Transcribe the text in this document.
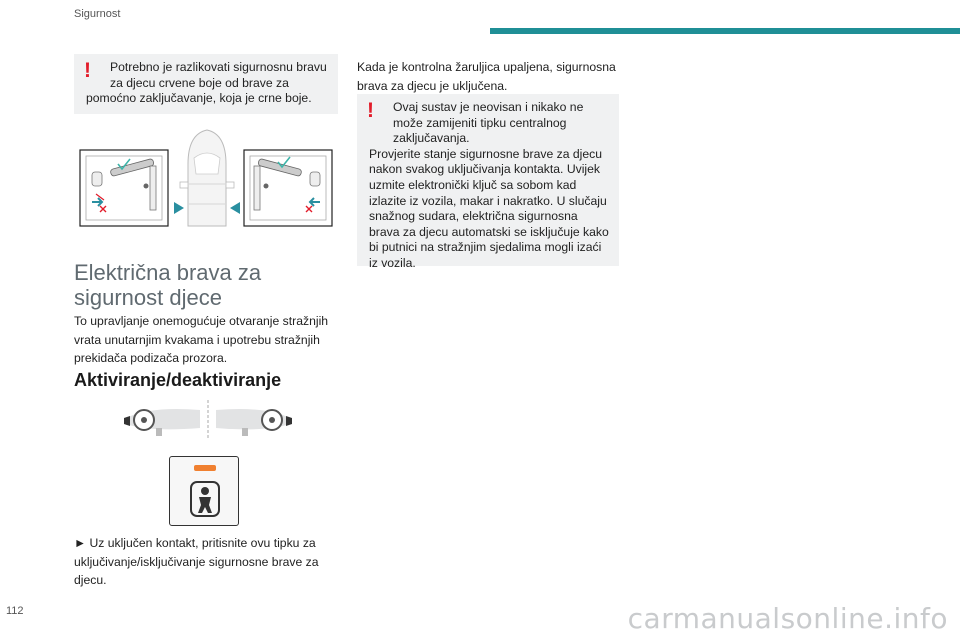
Sigurnost
!	Potrebno je razlikovati sigurnosnu bravu za djecu crvene boje od brave za
pomoćno zaključavanje, koja je crne boje.
Električna brava za
sigurnost djece
To upravljanje onemogućuje otvaranje stražnjih vrata unutarnjim kvakama i upotrebu stražnjih prekidača podizača prozora.
Aktiviranje/deaktiviranje
► Uz uključen kontakt, pritisnite ovu tipku za uključivanje/isključivanje sigurnosne brave za djecu.
Kada je kontrolna žaruljica upaljena, sigurnosna brava za djecu je uključena.
!	Ovaj sustav je neovisan i nikako ne može zamijeniti tipku centralnog zaključavanja.
Provjerite stanje sigurnosne brave za djecu nakon svakog uključivanja kontakta. Uvijek uzmite elektronički ključ sa sobom kad izlazite iz vozila, makar i nakratko. U slučaju snažnog sudara, električna sigurnosna brava za djecu automatski se isključuje kako bi putnici na stražnjim sjedalima mogli izaći iz vozila.
112	carmanualsonline.info
